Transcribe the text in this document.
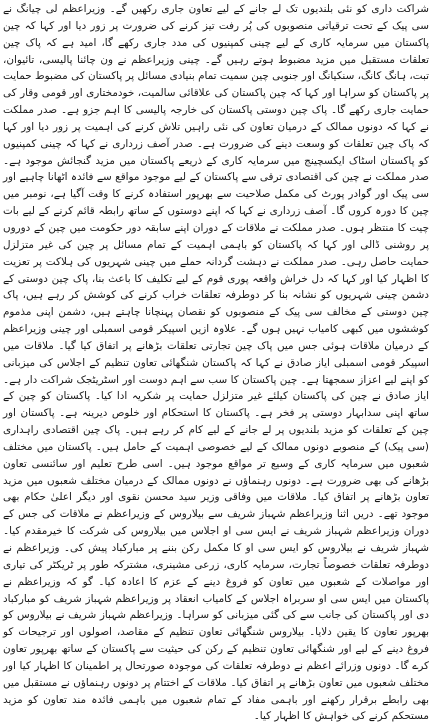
شراکت داری کو نئی بلندیوں تک لے جانے کے لیے تعاون جاری رکھیں گے۔ وزیراعظم لی چیانگ نے سی پیک کے تحت ترقیاتی منصوبوں کی پُر رفت تیز کرنے کی ضرورت پر زور دیا اور کہا کہ چین پاکستان میں سرمایہ کاری کے لیے چینی کمپنیوں کی مدد جاری رکھے گا، امید ہے کہ پاک چین تعلقات مستقبل میں مزید مضبوط ہوتے رہیں گے۔ چینی وزیراعظم نے ون چائنا پالیسی، تائیوان، تبت، ہانگ کانگ، سنکیانگ اور جنوبی چین سمیت تمام بنیادی مسائل پر پاکستان کی مضبوط حمایت پر پاکستان کو سراہا اور کہا کہ چین پاکستان کی علاقائی سالمیت، خودمختاری اور قومی وقار کی حمایت جاری رکھے گا۔ پاک چین دوستی پاکستان کی خارجہ پالیسی کا اہم جزو ہے۔ صدر مملکت نے کہا کہ دونوں ممالک کے درمیان تعاون کی نئی راہیں تلاش کرنے کی اہمیت پر زور دیا اور کہا کہ پاک چین تعلقات کو وسعت دینے کی ضرورت ہے۔ صدر آصف زرداری نے کہا کہ چینی کمپنیوں کو پاکستان اسٹاک ایکسچینج میں سرمایہ کاری کے ذریعے پاکستان میں مزید گنجائش موجود ہے۔ صدر مملکت نے چین کی اقتصادی ترقی سے پاکستان کے لیے موجود مواقع سے فائدہ اٹھانا چاہیے اور سی پیک اور گوادر پورٹ کی مکمل صلاحیت سے بھرپور استفادہ کرنے کا وقت آگیا ہے، نومبر میں چین کا دورہ کروں گا۔ آصف زرداری نے کہا کہ اپنے دوستوں کے ساتھ رابطہ قائم کرنے کے لیے بات چیت کا منتظر ہوں۔ صدر مملکت نے ملاقات کے دوران اپنے سابقہ دور حکومت میں چین کے دوروں پر روشنی ڈالی اور کہا کہ پاکستان کو باہمی اہمیت کے تمام مسائل پر چین کی غیر متزلزل حمایت حاصل رہی۔ صدر مملکت نے دہشت گردانہ حملے میں چینی شہریوں کی ہلاکت پر تعزیت کا اظہار کیا اور کہا کہ دل خراش واقعہ پوری قوم کے لیے تکلیف کا باعث بنا، پاک چین دوستی کے دشمن چینی شہریوں کو نشانہ بنا کر دوطرفہ تعلقات خراب کرنے کی کوشش کر رہے ہیں، پاک چین دوستی کے مخالف سی پیک کے منصوبوں کو نقصان پہنچانا چاہتے ہیں، دشمن اپنی مذموم کوششوں میں کبھی کامیاب نہیں ہوں گے۔ علاوہ ازیں اسپیکر قومی اسمبلی اور چینی وزیراعظم کے درمیان ملاقات ہوئی جس میں پاک چین تجارتی تعلقات بڑھانے پر اتفاق کیا گیا۔ ملاقات میں اسپیکر قومی اسمبلی ایاز صادق نے کہا کہ پاکستان شنگھائی تعاون تنظیم کے اجلاس کی میزبانی کو اپنے لیے اعزاز سمجھتا ہے۔ چین پاکستان کا سب سے اہم دوست اور اسٹریٹجک شراکت دار ہے۔ ایاز صادق نے چین کی پاکستان کیلئے غیر متزلزل حمایت پر شکریہ ادا کیا۔ پاکستان کو چین کے ساتھ اپنی سدابہار دوستی پر فخر ہے۔ پاکستان کا استحکام اور خلوص دیرینہ ہے۔ پاکستان اور چین کے تعلقات کو مزید بلندیوں پر لے جانے کے لیے کام کر رہے ہیں۔ پاک چین اقتصادی راہداری (سی پیک) کے منصوبے دونوں ممالک کے لیے خصوصی اہمیت کے حامل ہیں۔ پاکستان میں مختلف شعبوں میں سرمایہ کاری کے وسیع تر مواقع موجود ہیں۔ اسی طرح تعلیم اور سائنسی تعاون بڑھانے کی بھی ضرورت ہے۔ دونوں رہنماؤں نے دونوں ممالک کے درمیان مختلف شعبوں میں مزید تعاون بڑھانے پر اتفاق کیا۔ ملاقات میں وفاقی وزیر سید محسن نقوی اور دیگر اعلیٰ حکام بھی موجود تھے۔ دریں اثنا وزیراعظم شہباز شریف سے بیلاروس کے وزیراعظم نے ملاقات کی جس کے دوران وزیراعظم شہباز شریف نے ایس سی او اجلاس میں بیلاروس کی شرکت کا خیرمقدم کیا۔ شہباز شریف نے بیلاروس کو ایس سی او کا مکمل رکن بننے پر مبارکباد پیش کی۔ وزیراعظم نے دوطرفہ تعلقات خصوصاً تجارت، سرمایہ کاری، زرعی مشینری، مشترکہ طور پر ٹریکٹر کی تیاری اور مواصلات کے شعبوں میں تعاون کو فروغ دینے کے عزم کا اعادہ کیا۔ گو کہ وزیراعظم نے پاکستان میں ایس سی او سربراہ اجلاس کے کامیاب انعقاد پر وزیراعظم شہباز شریف کو مبارکباد دی اور پاکستان کی جانب سے کی گئی میزبانی کو سراہا۔ وزیراعظم شہباز شریف نے بیلاروس کو بھرپور تعاون کا یقین دلایا۔ بیلاروس شنگھائی تعاون تنظیم کے مقاصد، اصولوں اور ترجیحات کو فروغ دینے کے لیے اور شنگھائی تعاون تنظیم کے رکن کی حیثیت سے پاکستان کے ساتھ بھرپور تعاون کرے گا۔ دونوں وزرائے اعظم نے دوطرفہ تعلقات کی موجودہ صورتحال پر اطمینان کا اظہار کیا اور مختلف شعبوں میں تعاون بڑھانے پر اتفاق کیا۔ ملاقات کے اختتام پر دونوں رہنماؤں نے مستقبل میں بھی رابطے برقرار رکھنے اور باہمی مفاد کے تمام شعبوں میں باہمی فائدہ مند تعاون کو مزید مستحکم کرنے کی خواہش کا اظہار کیا۔
